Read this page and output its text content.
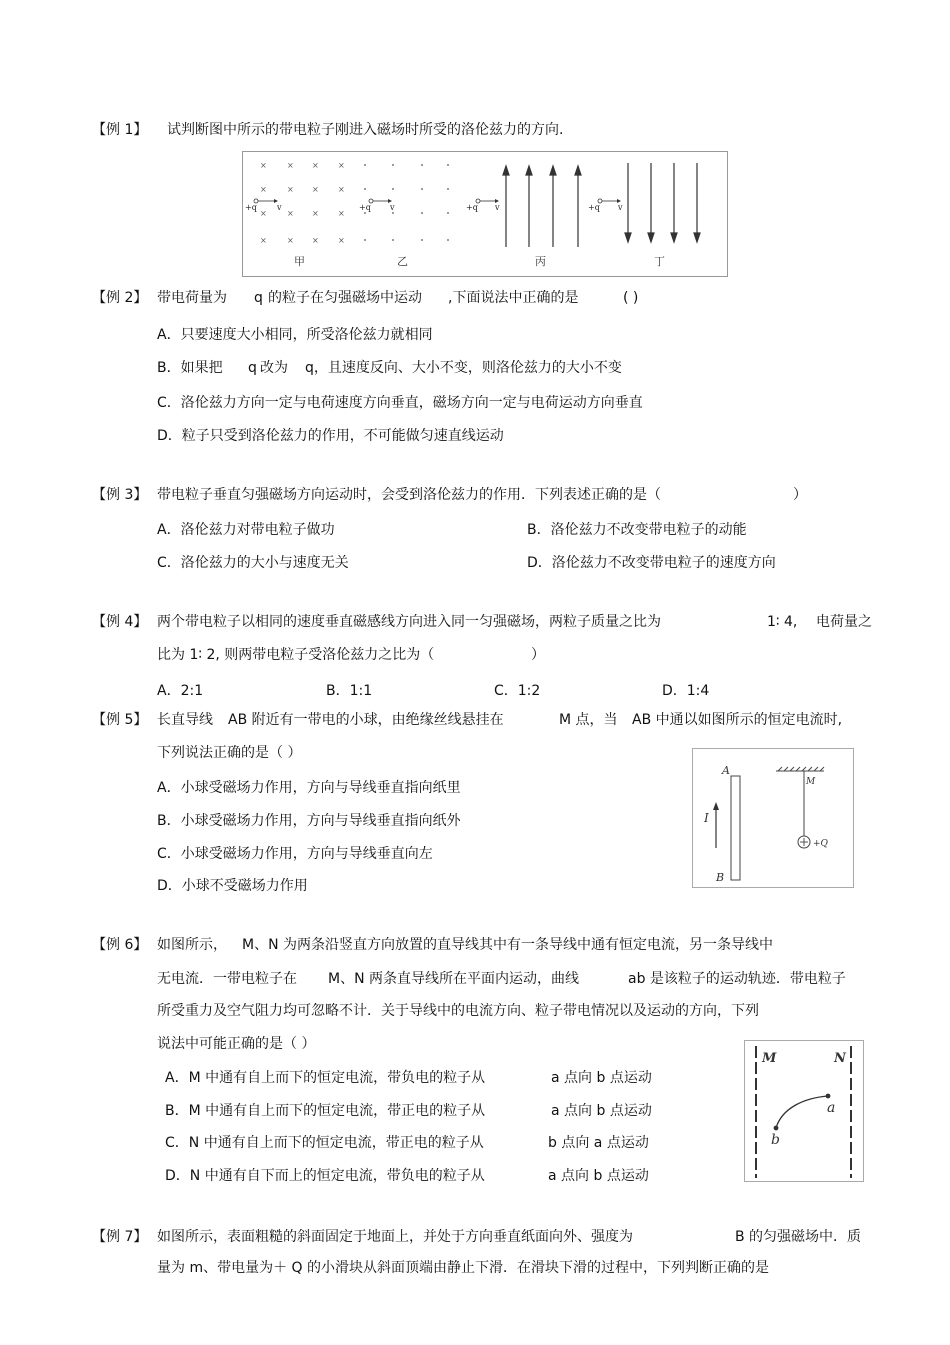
【例 1】 试判断图中所示的带电粒子刚进入磁场时所受的洛伦兹力的方向.
×	× × ×
×	× × ×
×	× × ×
×	× × ×
+q	v	+q v	+q v	+q v
甲	乙	丙	丁
【例 2】 带电荷量为 q 的粒子在匀强磁场中运动 ,下面说法中正确的是	( )
A．只要速度大小相同，所受洛伦兹力就相同
B．如果把 q 改为 q，且速度反向、大小不变，则洛伦兹力的大小不变
C．洛伦兹力方向一定与电荷速度方向垂直，磁场方向一定与电荷运动方向垂直
D．粒子只受到洛伦兹力的作用，不可能做匀速直线运动
【例 3】 带电粒子垂直匀强磁场方向运动时，会受到洛伦兹力的作用．下列表述正确的是（	）
A．洛伦兹力对带电粒子做功	B．洛伦兹力不改变带电粒子的动能
C．洛伦兹力的大小与速度无关	D．洛伦兹力不改变带电粒子的速度方向
【例 4】 两个带电粒子以相同的速度垂直磁感线方向进入同一匀强磁场，两粒子质量之比为	1∶ 4, 电荷量之
比为 1∶ 2, 则两带电粒子受洛伦兹力之比为（	）
A．2:1	B．1:1	C．1:2	D．1:4
【例 5】 长直导线 AB 附近有一带电的小球，由绝缘丝线悬挂在	M 点，当 AB 中通以如图所示的恒定电流时,
下列说法正确的是（ ）
A．小球受磁场力作用，方向与导线垂直指向纸里
B．小球受磁场力作用，方向与导线垂直指向纸外
C．小球受磁场力作用，方向与导线垂直向左
D．小球不受磁场力作用
A
B
I
M
+Q
【例 6】 如图所示， M、N 为两条沿竖直方向放置的直导线其中有一条导线中通有恒定电流，另一条导线中
无电流．一带电粒子在 M、N 两条直导线所在平面内运动，曲线	ab 是该粒子的运动轨迹．带电粒子
所受重力及空气阻力均可忽略不计．关于导线中的电流方向、粒子带电情况以及运动的方向，下列
说法中可能正确的是（ ）
A．M 中通有自上而下的恒定电流，带负电的粒子从	a 点向 b 点运动
B．M 中通有自上而下的恒定电流，带正电的粒子从	a 点向 b 点运动
C．N 中通有自上而下的恒定电流，带正电的粒子从	b 点向 a 点运动
D．N 中通有自下而上的恒定电流，带负电的粒子从	a 点向 b 点运动
M	N
a
b
【例 7】 如图所示，表面粗糙的斜面固定于地面上，并处于方向垂直纸面向外、强度为	B 的匀强磁场中．质
量为 m、带电量为＋ Q 的小滑块从斜面顶端由静止下滑．在滑块下滑的过程中，下列判断正确的是
